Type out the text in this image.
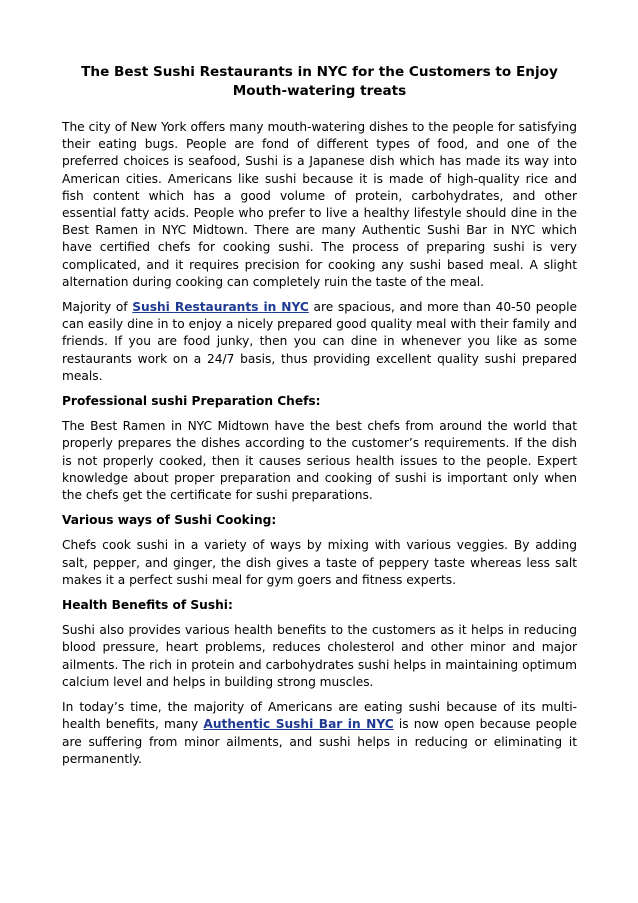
The Best Sushi Restaurants in NYC for the Customers to Enjoy Mouth-watering treats

The city of New York offers many mouth-watering dishes to the people for satisfying their eating bugs. People are fond of different types of food, and one of the preferred choices is seafood, Sushi is a Japanese dish which has made its way into American cities. Americans like sushi because it is made of high-quality rice and fish content which has a good volume of protein, carbohydrates, and other essential fatty acids. People who prefer to live a healthy lifestyle should dine in the Best Ramen in NYC Midtown. There are many Authentic Sushi Bar in NYC which have certified chefs for cooking sushi. The process of preparing sushi is very complicated, and it requires precision for cooking any sushi based meal. A slight alternation during cooking can completely ruin the taste of the meal.

Majority of Sushi Restaurants in NYC are spacious, and more than 40-50 people can easily dine in to enjoy a nicely prepared good quality meal with their family and friends. If you are food junky, then you can dine in whenever you like as some restaurants work on a 24/7 basis, thus providing excellent quality sushi prepared meals.

Professional sushi Preparation Chefs:

The Best Ramen in NYC Midtown have the best chefs from around the world that properly prepares the dishes according to the customer’s requirements. If the dish is not properly cooked, then it causes serious health issues to the people. Expert knowledge about proper preparation and cooking of sushi is important only when the chefs get the certificate for sushi preparations.

Various ways of Sushi Cooking:

Chefs cook sushi in a variety of ways by mixing with various veggies. By adding salt, pepper, and ginger, the dish gives a taste of peppery taste whereas less salt makes it a perfect sushi meal for gym goers and fitness experts.

Health Benefits of Sushi:

Sushi also provides various health benefits to the customers as it helps in reducing blood pressure, heart problems, reduces cholesterol and other minor and major ailments. The rich in protein and carbohydrates sushi helps in maintaining optimum calcium level and helps in building strong muscles.

In today’s time, the majority of Americans are eating sushi because of its multi-health benefits, many Authentic Sushi Bar in NYC is now open because people are suffering from minor ailments, and sushi helps in reducing or eliminating it permanently.
